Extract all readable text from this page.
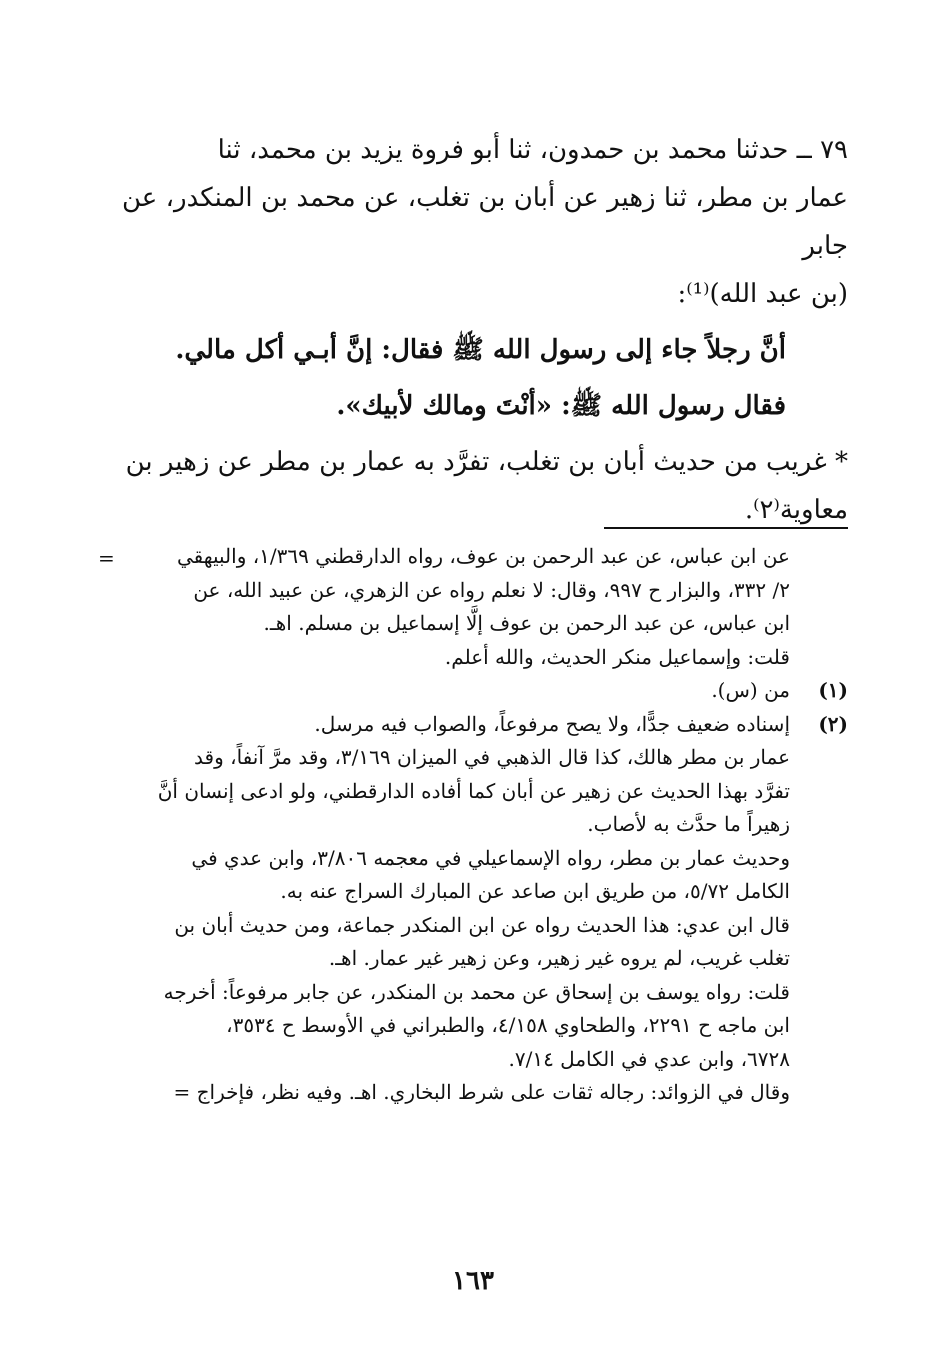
٧٩ ــ حدثنا محمد بن حمدون، ثنا أبو فروة يزيد بن محمد، ثنا

عمار بن مطر، ثنا زهير عن أبان بن تغلب، عن محمد بن المنكدر، عن جابر

(بن عبد الله)⁽¹⁾:

أنَّ رجلاً جاء إلى رسول الله ﷺ فقال: إنَّ أبـي أكل مالي.

فقال رسول الله ﷺ: «أنْتَ ومالك لأبيك».

* غريب من حديث أبان بن تغلب، تفرَّد به عمار بن مطر عن زهير بن

معاوية⁽٢⁾.

=	عن ابن عباس، عن عبد الرحمن بن عوف، رواه الدارقطني ١/٣٦٩، والبيهقي
٢/ ٣٣٢، والبزار ح ٩٩٧، وقال: لا نعلم رواه عن الزهري، عن عبيد الله، عن
ابن عباس، عن عبد الرحمن بن عوف إلَّا إسماعيل بن مسلم. اهـ.
قلت: وإسماعيل منكر الحديث، والله أعلم.
(١)
من (س).
(٢)
إسناده ضعيف جدًّا، ولا يصح مرفوعاً، والصواب فيه مرسل.
عمار بن مطر هالك، كذا قال الذهبي في الميزان ٣/١٦٩، وقد مرَّ آنفاً، وقد
تفرَّد بهذا الحديث عن زهير عن أبان كما أفاده الدارقطني، ولو ادعى إنسان أنَّ
زهيراً ما حدَّث به لأصاب.
وحديث عمار بن مطر، رواه الإسماعيلي في معجمه ٣/٨٠٦، وابن عدي في
الكامل ٥/٧٢، من طريق ابن صاعد عن المبارك السراج عنه به.
قال ابن عدي: هذا الحديث رواه عن ابن المنكدر جماعة، ومن حديث أبان بن
تغلب غريب، لم يروه غير زهير، وعن زهير غير عمار. اهـ.
قلت: رواه يوسف بن إسحاق عن محمد بن المنكدر، عن جابر مرفوعاً: أخرجه
ابن ماجه ح ٢٢٩١، والطحاوي ٤/١٥٨، والطبراني في الأوسط ح ٣٥٣٤،
٦٧٢٨، وابن عدي في الكامل ٧/١٤.
وقال في الزوائد: رجاله ثقات على شرط البخاري. اهـ. وفيه نظر، فإخراج =
١٦٣
